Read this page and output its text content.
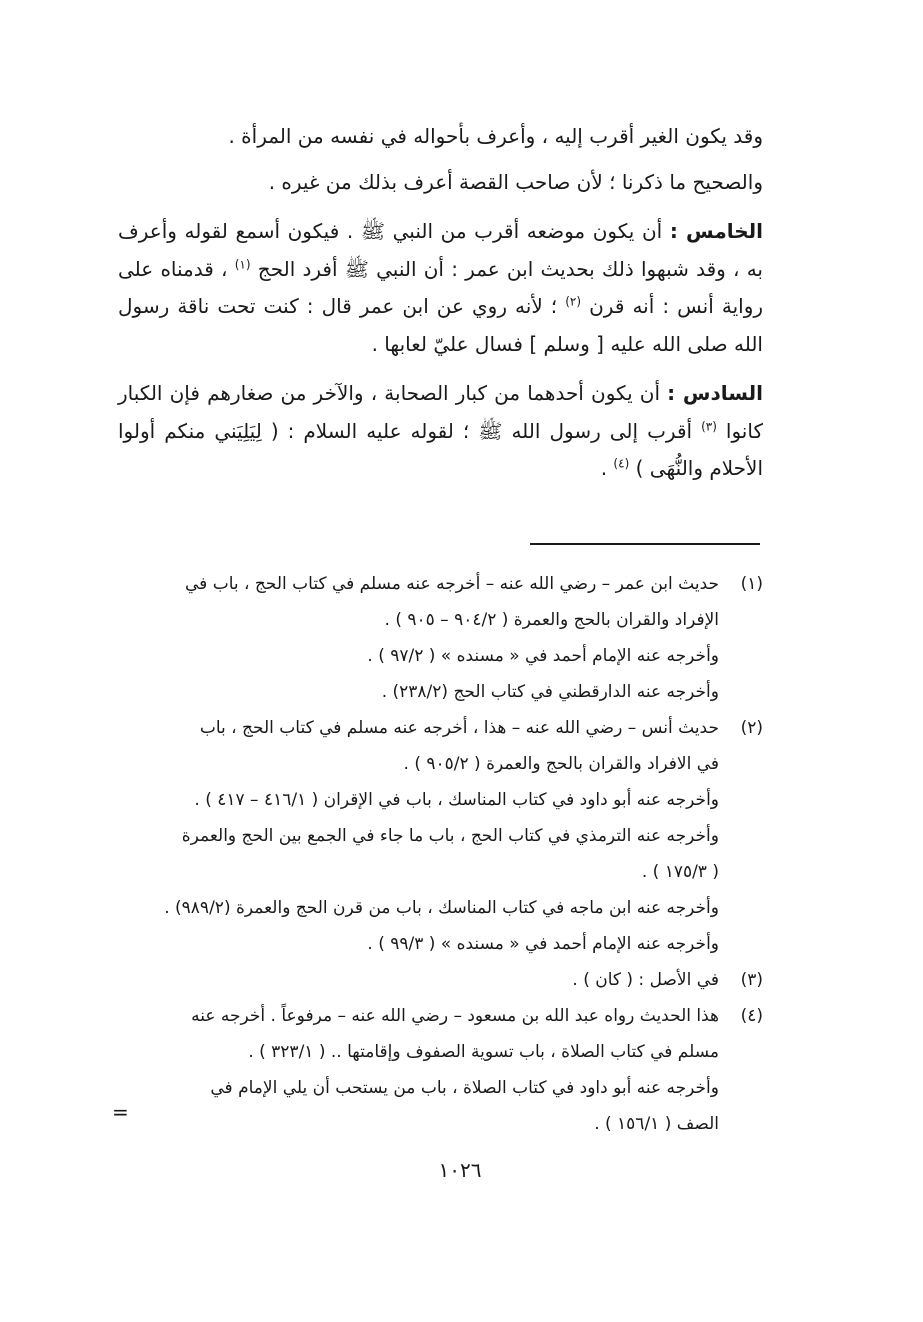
وقد يكون الغير أقرب إليه ، وأعرف بأحواله في نفسه من المرأة .

والصحيح ما ذكرنا ؛ لأن صاحب القصة أعرف بذلك من غيره .

الخامس : أن يكون موضعه أقرب من النبي ﷺ . فيكون أسمع لقوله وأعرف به ، وقد شبهوا ذلك بحديث ابن عمر : أن النبي ﷺ أفرد الحج $^{(١)}$ ، قدمناه على رواية أنس : أنه قرن $^{(٢)}$ ؛ لأنه روي عن ابن عمر قال : كنت تحت ناقة رسول الله صلى الله عليه [ وسلم ] فسال عليّ لعابها .

السادس : أن يكون أحدهما من كبار الصحابة ، والآخر من صغارهم فإن الكبار كانوا $^{(٣)}$ أقرب إلى رسول الله ﷺ ؛ لقوله عليه السلام : ( لِيَلِيَني منكم أولوا الأحلام والنُّهَى ) $^{(٤)}$ .

(١)
حديث ابن عمر – رضي الله عنه – أخرجه عنه مسلم في كتاب الحج ، باب في
الإفراد والقران بالحج والعمرة ( ٩٠٤/٢ – ٩٠٥ ) .
وأخرجه عنه الإمام أحمد في « مسنده » ( ٩٧/٢ ) .
وأخرجه عنه الدارقطني في كتاب الحج (٢٣٨/٢) .
(٢)
حديث أنس – رضي الله عنه – هذا ، أخرجه عنه مسلم في كتاب الحج ، باب
في الافراد والقران بالحج والعمرة ( ٩٠٥/٢ ) .
وأخرجه عنه أبو داود في كتاب المناسك ، باب في الإقران ( ٤١٦/١ – ٤١٧ ) .
وأخرجه عنه الترمذي في كتاب الحج ، باب ما جاء في الجمع بين الحج والعمرة
( ١٧٥/٣ ) .
وأخرجه عنه ابن ماجه في كتاب المناسك ، باب من قرن الحج والعمرة (٩٨٩/٢) .
وأخرجه عنه الإمام أحمد في « مسنده » ( ٩٩/٣ ) .
(٣)
في الأصل : ( كان ) .
(٤)
هذا الحديث رواه عبد الله بن مسعود – رضي الله عنه – مرفوعاً . أخرجه عنه
مسلم في كتاب الصلاة ، باب تسوية الصفوف وإقامتها .. ( ٣٢٣/١ ) .
وأخرجه عنه أبو داود في كتاب الصلاة ، باب من يستحب أن يلي الإمام في
الصف ( ١٥٦/١ ) .
=
١٠٢٦
